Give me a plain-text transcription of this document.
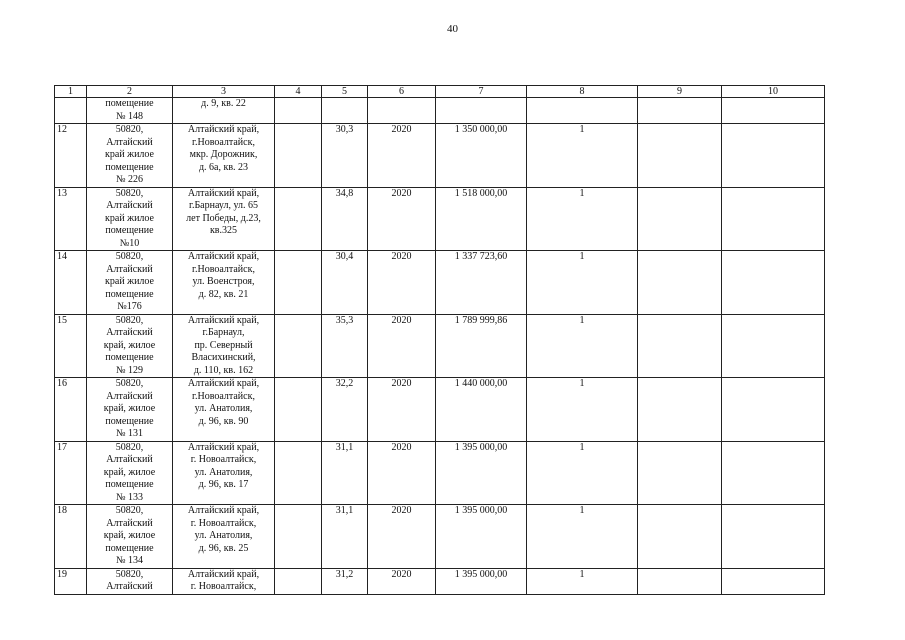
40
1	2	3	4	5	6	7	8	9	10

	помещение
№ 148	д. 9, кв. 22							

12	50820,
Алтайский
край жилое
помещение
№ 226	Алтайский край,
г.Новоалтайск,
мкр. Дорожник,
д. 6а, кв. 23		30,3	2020	1 350 000,00	1		
13	50820,
Алтайский
край жилое
помещение
№10	Алтайский край,
г.Барнаул, ул. 65
лет Победы, д.23,
кв.325		34,8	2020	1 518 000,00	1		
14	50820,
Алтайский
край жилое
помещение
№176	Алтайский край,
г.Новоалтайск,
ул. Военстроя,
д. 82, кв. 21		30,4	2020	1 337 723,60	1		
15	50820,
Алтайский
край, жилое
помещение
№ 129	Алтайский край,
г.Барнаул,
пр. Северный
Власихинский,
д. 110, кв. 162		35,3	2020	1 789 999,86	1		
16	50820,
Алтайский
край, жилое
помещение
№ 131	Алтайский край,
г.Новоалтайск,
ул. Анатолия,
д. 96, кв. 90		32,2	2020	1 440 000,00	1		
17	50820,
Алтайский
край, жилое
помещение
№ 133	Алтайский край,
г. Новоалтайск,
ул. Анатолия,
д. 96, кв. 17		31,1	2020	1 395 000,00	1		
18	50820,
Алтайский
край, жилое
помещение
№ 134	Алтайский край,
г. Новоалтайск,
ул. Анатолия,
д. 96, кв. 25		31,1	2020	1 395 000,00	1		
19	50820,
Алтайский	Алтайский край,
г. Новоалтайск,		31,2	2020	1 395 000,00	1		
